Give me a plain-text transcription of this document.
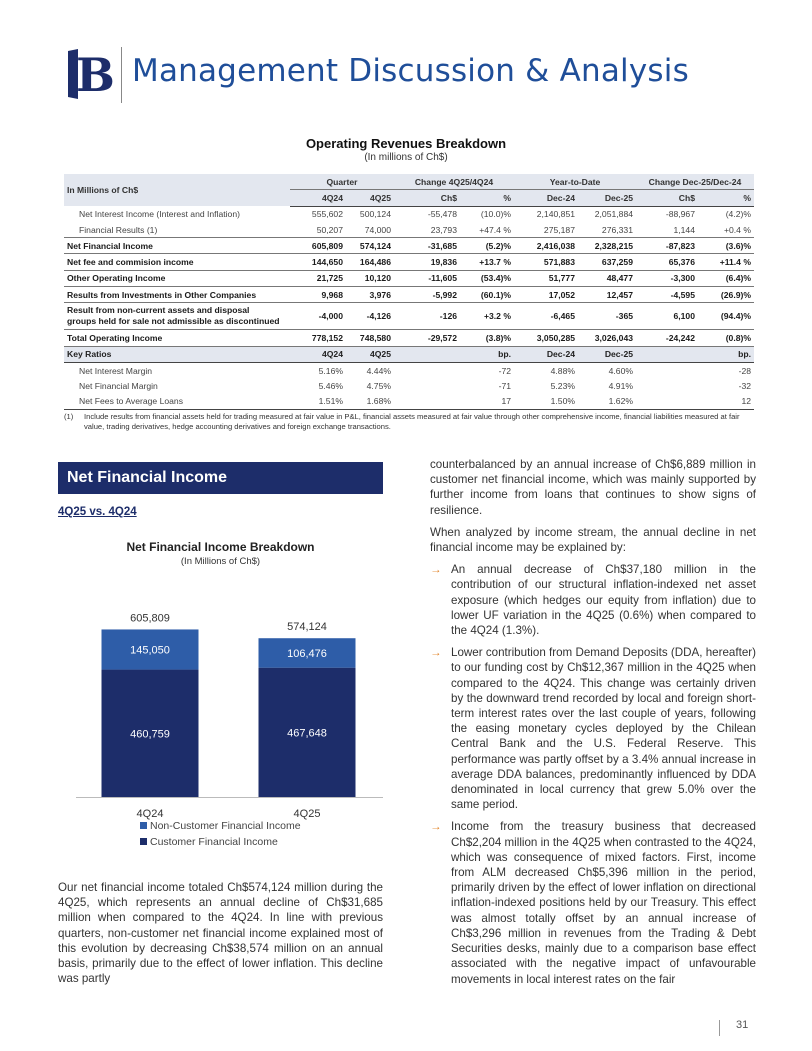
B Management Discussion & Analysis
Operating Revenues Breakdown
(In millions of Ch$)
In Millions of Ch$	Quarter		Change 4Q25/4Q24		Year-to-Date		Change Dec-25/Dec-24	
	4Q24	4Q25	Ch$	%	Dec-24	Dec-25	Ch$	%
Net Interest Income (Interest and Inflation)	555,602	500,124	-55,478	(10.0)%	2,140,851	2,051,884	-88,967	(4.2)%
Financial Results (1)	50,207	74,000	23,793	+47.4 %	275,187	276,331	1,144	+0.4 %
Net Financial Income	605,809	574,124	-31,685	(5.2)%	2,416,038	2,328,215	-87,823	(3.6)%
Net fee and commision income	144,650	164,486	19,836	+13.7 %	571,883	637,259	65,376	+11.4 %
Other Operating Income	21,725	10,120	-11,605	(53.4)%	51,777	48,477	-3,300	(6.4)%
Results from Investments in Other Companies	9,968	3,976	-5,992	(60.1)%	17,052	12,457	-4,595	(26.9)%
Result from non-current assets and disposal
groups held for sale not admissible as discontinued	-4,000	-4,126	-126	+3.2 %	-6,465	-365	6,100	(94.4)%
Total Operating Income	778,152	748,580	-29,572	(3.8)%	3,050,285	3,026,043	-24,242	(0.8)%
Key Ratios	4Q24	4Q25		bp.	Dec-24	Dec-25		bp.
Net Interest Margin	5.16%	4.44%		-72	4.88%	4.60%		-28
Net Financial Margin	5.46%	4.75%		-71	5.23%	4.91%		-32
Net Fees to Average Loans	1.51%	1.68%		17	1.50%	1.62%		12
(1) Include results from financial assets held for trading measured at fair value in P&L, financial assets measured at fair value through other comprehensive income, financial liabilities measured at fair value, trading derivatives, hedge accounting derivatives and foreign exchange transactions.
Net Financial Income
4Q25 vs. 4Q24
Net Financial Income Breakdown
(In Millions of Ch$)
460,759
145,050
605,809
4Q24
467,648
106,476
574,124
4Q25
Non-Customer Financial Income
Customer Financial Income
Our net financial income totaled Ch$574,124 million during the 4Q25, which represents an annual decline of Ch$31,685 million when compared to the 4Q24. In line with previous quarters, non-customer net financial income explained most of this evolution by decreasing Ch$38,574 million on an annual basis, primarily due to the effect of lower inflation. This decline was partly

counterbalanced by an annual increase of Ch$6,889 million in customer net financial income, which was mainly supported by further income from loans that continues to show signs of resilience.

When analyzed by income stream, the annual decline in net financial income may be explained by:

→ An annual decrease of Ch$37,180 million in the contribution of our structural inflation-indexed net asset exposure (which hedges our equity from inflation) due to lower UF variation in the 4Q25 (0.6%) when compared to the 4Q24 (1.3%).
→ Lower contribution from Demand Deposits (DDA, hereafter) to our funding cost by Ch$12,367 million in the 4Q25 when compared to the 4Q24. This change was certainly driven by the downward trend recorded by local and foreign short-term interest rates over the last couple of years, following the easing monetary cycles deployed by the Chilean Central Bank and the U.S. Federal Reserve. This performance was partly offset by a 3.4% annual increase in average DDA balances, predominantly influenced by DDA denominated in local currency that grew 5.0% over the same period.
→ Income from the treasury business that decreased Ch$2,204 million in the 4Q25 when contrasted to the 4Q24, which was consequence of mixed factors. First, income from ALM decreased Ch$5,396 million in the period, primarily driven by the effect of lower inflation on directional inflation-indexed positions held by our Treasury. This effect was almost totally offset by an annual increase of Ch$3,296 million in revenues from the Trading & Debt Securities desks, mainly due to a comparison base effect associated with the negative impact of unfavourable movements in local interest rates on the fair
31
